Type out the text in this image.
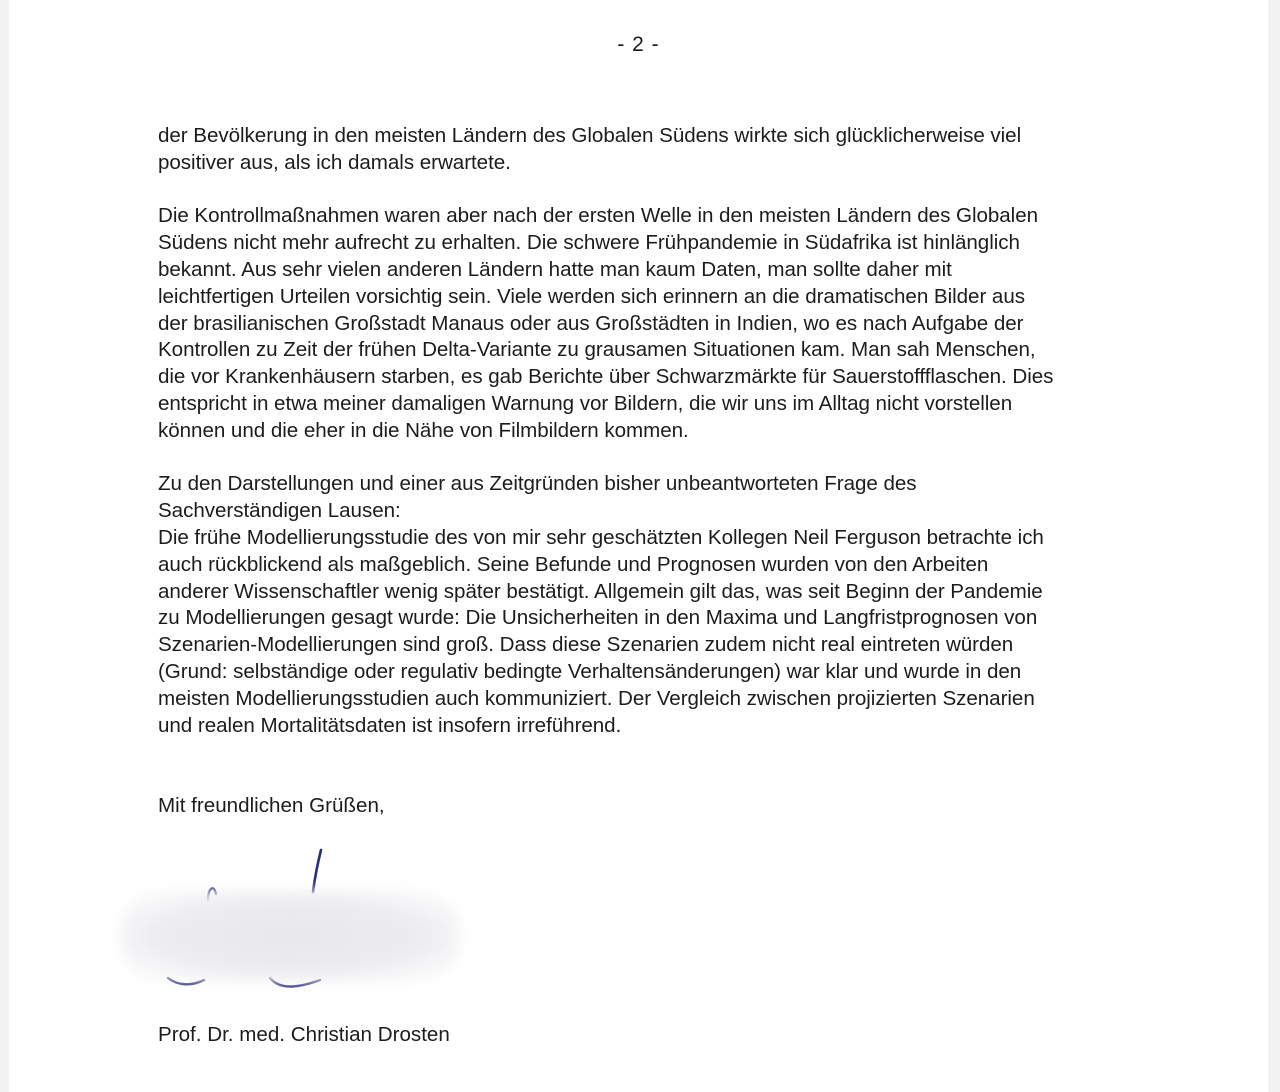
- 2 -

der Bevölkerung in den meisten Ländern des Globalen Südens wirkte sich glücklicherweise viel
positiver aus, als ich damals erwartete.

Die Kontrollmaßnahmen waren aber nach der ersten Welle in den meisten Ländern des Globalen
Südens nicht mehr aufrecht zu erhalten. Die schwere Frühpandemie in Südafrika ist hinlänglich
bekannt. Aus sehr vielen anderen Ländern hatte man kaum Daten, man sollte daher mit
leichtfertigen Urteilen vorsichtig sein. Viele werden sich erinnern an die dramatischen Bilder aus
der brasilianischen Großstadt Manaus oder aus Großstädten in Indien, wo es nach Aufgabe der
Kontrollen zu Zeit der frühen Delta-Variante zu grausamen Situationen kam. Man sah Menschen,
die vor Krankenhäusern starben, es gab Berichte über Schwarzmärkte für Sauerstoffflaschen. Dies
entspricht in etwa meiner damaligen Warnung vor Bildern, die wir uns im Alltag nicht vorstellen
können und die eher in die Nähe von Filmbildern kommen.

Zu den Darstellungen und einer aus Zeitgründen bisher unbeantworteten Frage des
Sachverständigen Lausen:
Die frühe Modellierungsstudie des von mir sehr geschätzten Kollegen Neil Ferguson betrachte ich
auch rückblickend als maßgeblich. Seine Befunde und Prognosen wurden von den Arbeiten
anderer Wissenschaftler wenig später bestätigt. Allgemein gilt das, was seit Beginn der Pandemie
zu Modellierungen gesagt wurde: Die Unsicherheiten in den Maxima und Langfristprognosen von
Szenarien-Modellierungen sind groß. Dass diese Szenarien zudem nicht real eintreten würden
(Grund: selbständige oder regulativ bedingte Verhaltensänderungen) war klar und wurde in den
meisten Modellierungsstudien auch kommuniziert. Der Vergleich zwischen projizierten Szenarien
und realen Mortalitätsdaten ist insofern irreführend.

Mit freundlichen Grüßen,
Prof. Dr. med. Christian Drosten
